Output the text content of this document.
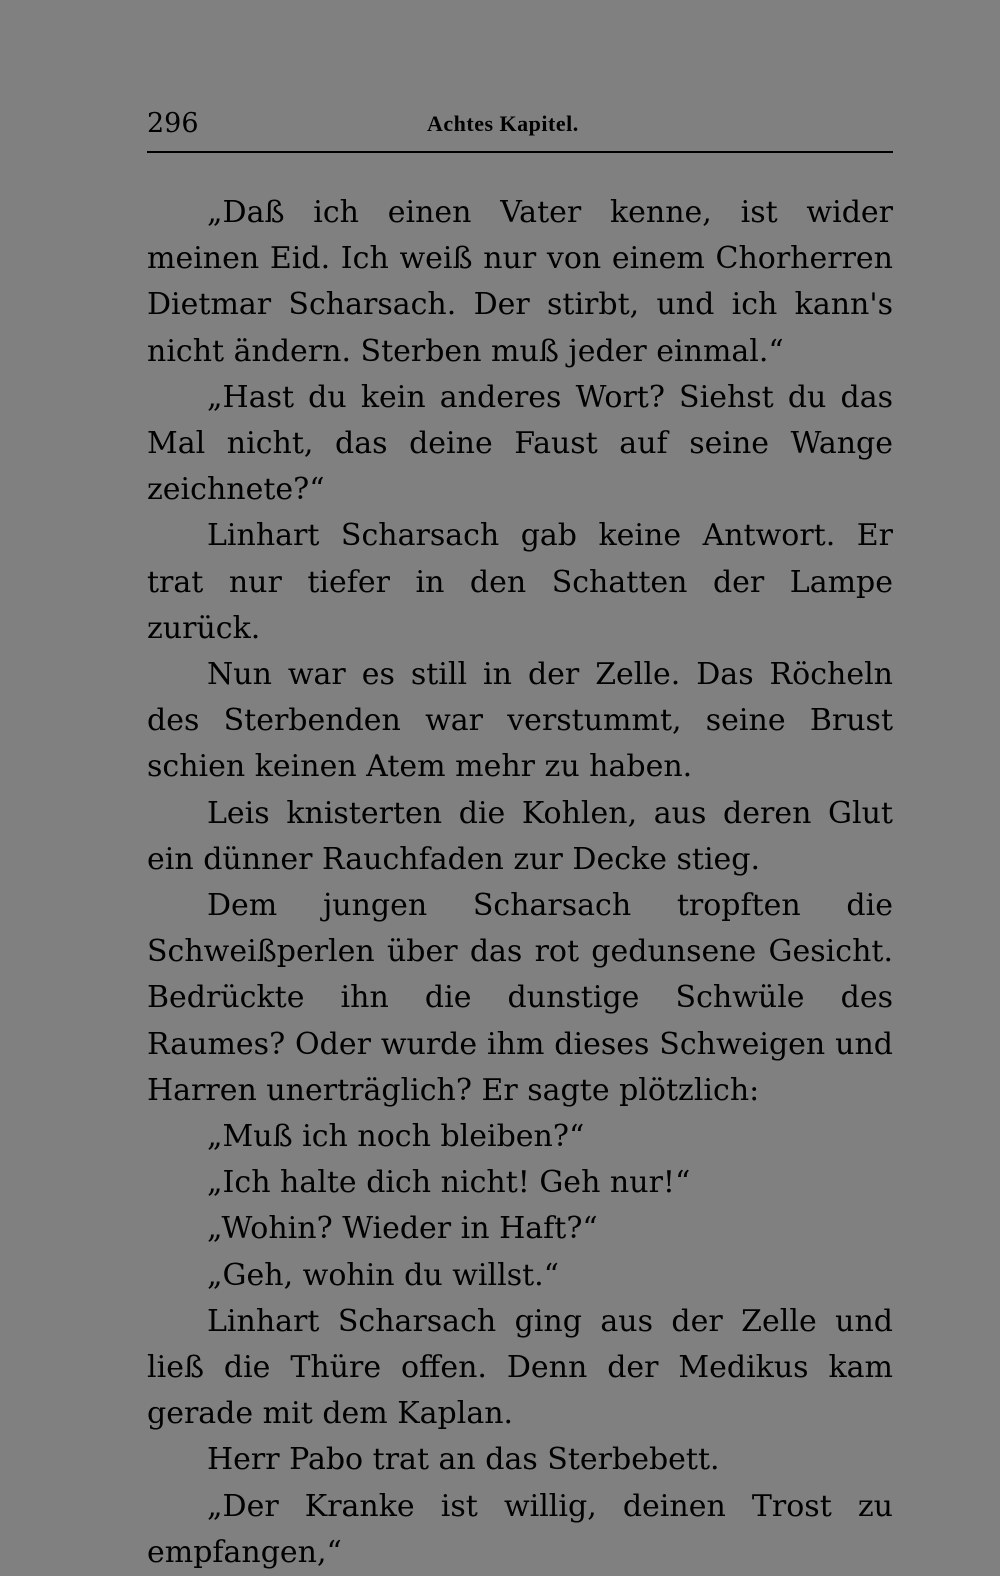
296	Achtes Kapitel.

„Daß ich einen Vater kenne, ist wider meinen Eid. Ich weiß nur von einem Chorherren Dietmar Scharsach. Der stirbt, und ich kann's nicht ändern. Sterben muß jeder einmal.“

„Hast du kein anderes Wort? Siehst du das Mal nicht, das deine Faust auf seine Wange zeichnete?“

Linhart Scharsach gab keine Antwort. Er trat nur tiefer in den Schatten der Lampe zurück.

Nun war es still in der Zelle. Das Röcheln des Sterbenden war verstummt, seine Brust schien keinen Atem mehr zu haben.

Leis knisterten die Kohlen, aus deren Glut ein dünner Rauchfaden zur Decke stieg.

Dem jungen Scharsach tropften die Schweißperlen über das rot gedunsene Gesicht. Bedrückte ihn die dunstige Schwüle des Raumes? Oder wurde ihm dieses Schweigen und Harren unerträglich? Er sagte plötzlich:

„Muß ich noch bleiben?“

„Ich halte dich nicht! Geh nur!“

„Wohin? Wieder in Haft?“

„Geh, wohin du willst.“

Linhart Scharsach ging aus der Zelle und ließ die Thüre offen. Denn der Medikus kam gerade mit dem Kaplan.

Herr Pabo trat an das Sterbebett.

„Der Kranke ist willig, deinen Trost zu empfangen,“
